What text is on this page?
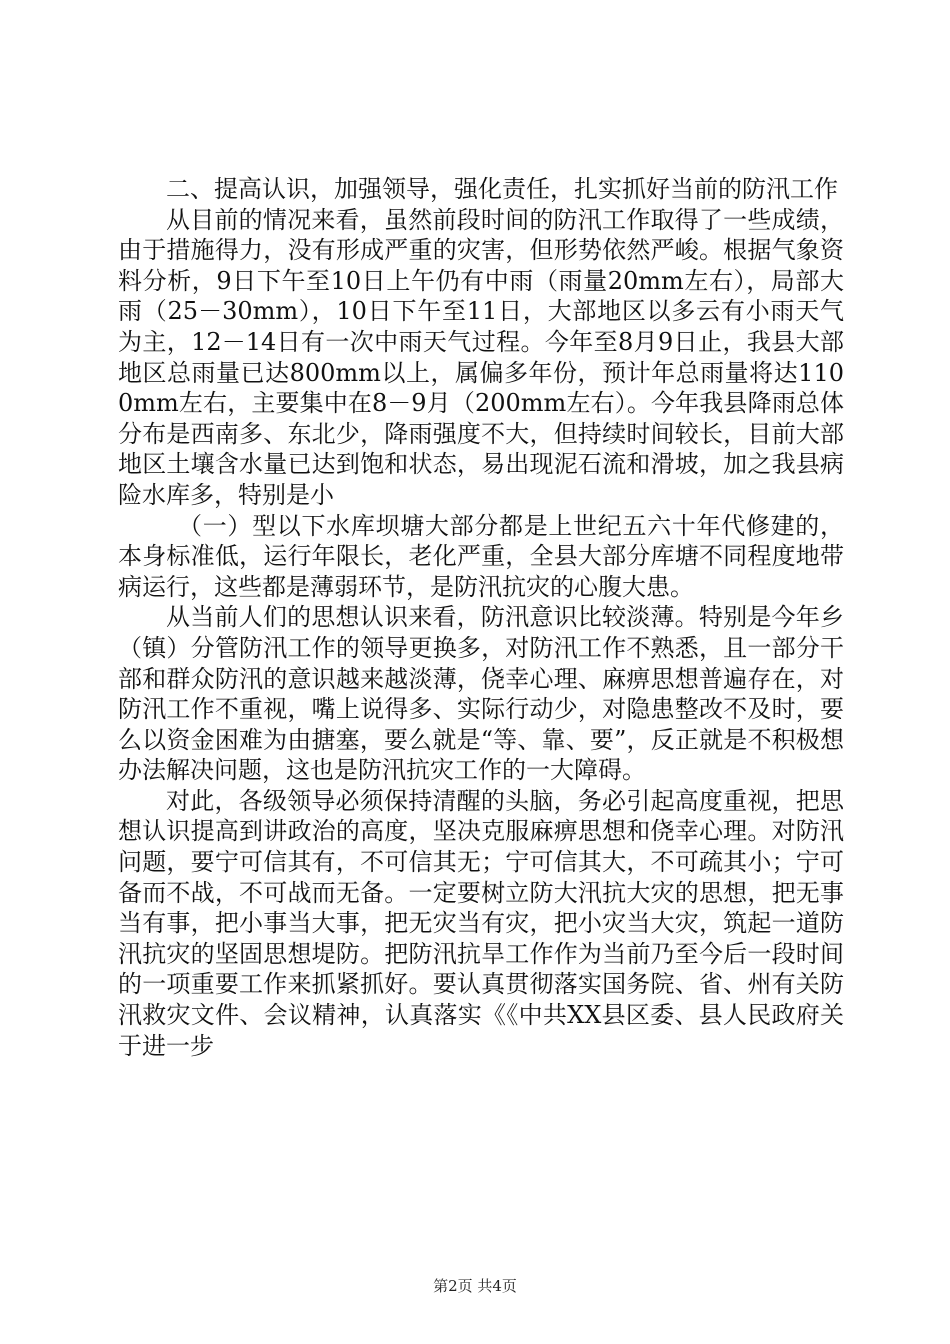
二、提高认识，加强领导，强化责任，扎实抓好当前的防汛工作

从目前的情况来看，虽然前段时间的防汛工作取得了一些成绩，由于措施得力，没有形成严重的灾害，但形势依然严峻。根据气象资料分析，9日下午至10日上午仍有中雨（雨量20mm左右），局部大雨（25－30mm），10日下午至11日，大部地区以多云有小雨天气为主，12－14日有一次中雨天气过程。今年至8月9日止，我县大部地区总雨量已达800mm以上，属偏多年份，预计年总雨量将达1100mm左右，主要集中在8－9月（200mm左右）。今年我县降雨总体分布是西南多、东北少，降雨强度不大，但持续时间较长，目前大部地区土壤含水量已达到饱和状态，易出现泥石流和滑坡，加之我县病险水库多，特别是小

（一）型以下水库坝塘大部分都是上世纪五六十年代修建的，本身标准低，运行年限长，老化严重，全县大部分库塘不同程度地带病运行，这些都是薄弱环节，是防汛抗灾的心腹大患。

从当前人们的思想认识来看，防汛意识比较淡薄。特别是今年乡（镇）分管防汛工作的领导更换多，对防汛工作不熟悉，且一部分干部和群众防汛的意识越来越淡薄，侥幸心理、麻痹思想普遍存在，对防汛工作不重视，嘴上说得多、实际行动少，对隐患整改不及时，要么以资金困难为由搪塞，要么就是“等、靠、要”，反正就是不积极想办法解决问题，这也是防汛抗灾工作的一大障碍。

对此，各级领导必须保持清醒的头脑，务必引起高度重视，把思想认识提高到讲政治的高度，坚决克服麻痹思想和侥幸心理。对防汛问题，要宁可信其有，不可信其无；宁可信其大，不可疏其小；宁可备而不战，不可战而无备。一定要树立防大汛抗大灾的思想，把无事当有事，把小事当大事，把无灾当有灾，把小灾当大灾，筑起一道防汛抗灾的坚固思想堤防。把防汛抗旱工作作为当前乃至今后一段时间的一项重要工作来抓紧抓好。要认真贯彻落实国务院、省、州有关防汛救灾文件、会议精神，认真落实《《中共XX县区委、县人民政府关于进一步

第2页 共4页
